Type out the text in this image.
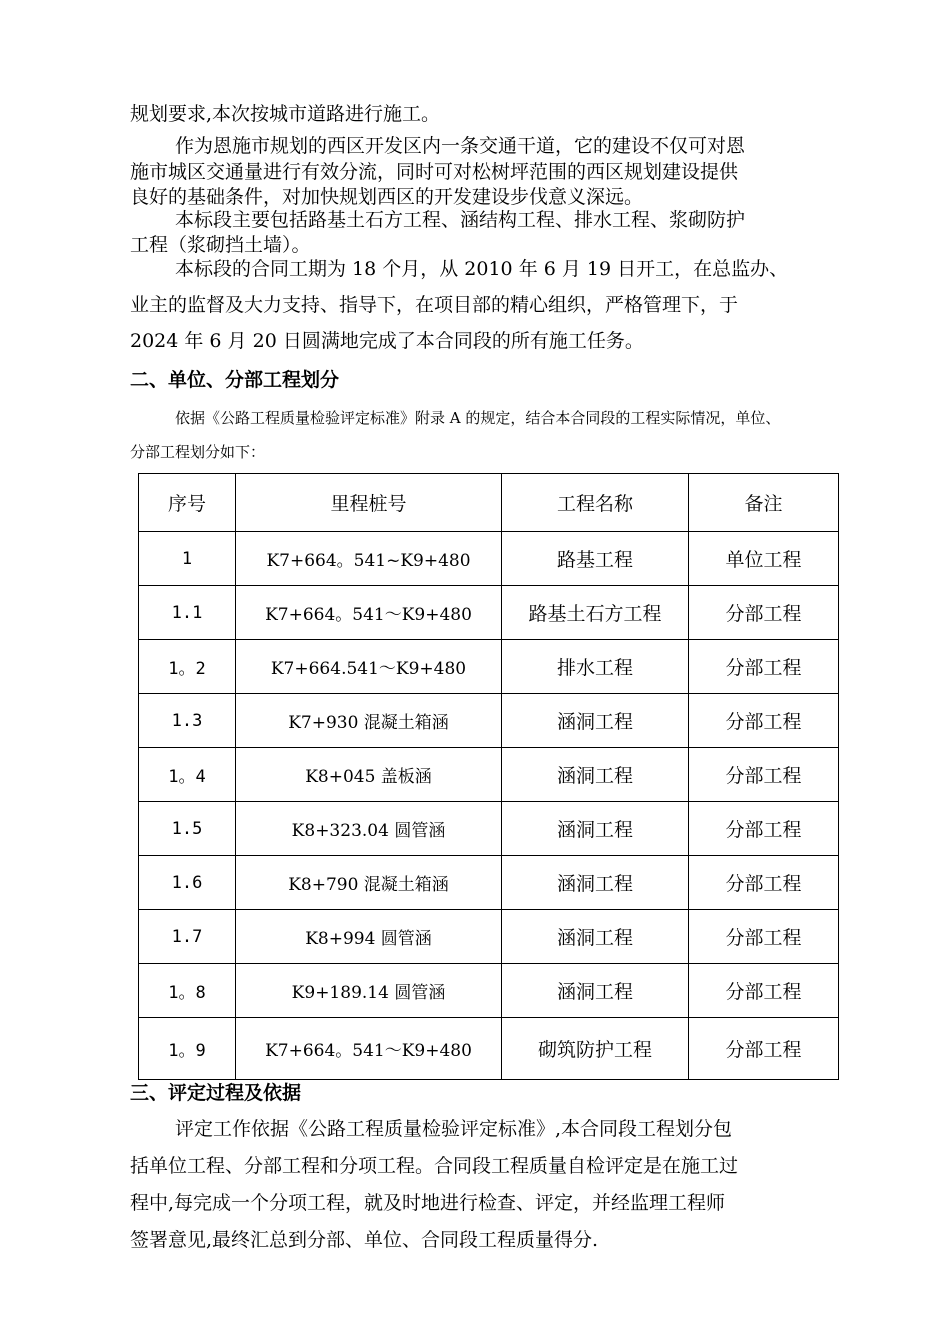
规划要求,本次按城市道路进行施工。
作为恩施市规划的西区开发区内一条交通干道，它的建设不仅可对恩
施市城区交通量进行有效分流，同时可对松树坪范围的西区规划建设提供
良好的基础条件，对加快规划西区的开发建设步伐意义深远。
本标段主要包括路基土石方工程、涵结构工程、排水工程、浆砌防护
工程（浆砌挡土墙）。
本标段的合同工期为 18 个月，从 2010 年 6 月 19 日开工，在总监办、
业主的监督及大力支持、指导下，在项目部的精心组织，严格管理下，于
2024 年 6 月 20 日圆满地完成了本合同段的所有施工任务。
二、单位、分部工程划分
依据《公路工程质量检验评定标准》附录 A 的规定，结合本合同段的工程实际情况，单位、
分部工程划分如下：
序号	里程桩号	工程名称	备注
1	K7+664。541~K9+480	路基工程	单位工程
1.1	K7+664。541～K9+480	路基土石方工程	分部工程
1。2	K7+664.541～K9+480	排水工程	分部工程
1.3	K7+930 混凝土箱涵	涵洞工程	分部工程
1。4	K8+045 盖板涵	涵洞工程	分部工程
1.5	K8+323.04 圆管涵	涵洞工程	分部工程
1.6	K8+790 混凝土箱涵	涵洞工程	分部工程
1.7	K8+994 圆管涵	涵洞工程	分部工程
1。8	K9+189.14 圆管涵	涵洞工程	分部工程
1。9	K7+664。541～K9+480	砌筑防护工程	分部工程
三、评定过程及依据
评定工作依据《公路工程质量检验评定标准》,本合同段工程划分包
括单位工程、分部工程和分项工程。合同段工程质量自检评定是在施工过
程中,每完成一个分项工程，就及时地进行检查、评定，并经监理工程师
签署意见,最终汇总到分部、单位、合同段工程质量得分.
